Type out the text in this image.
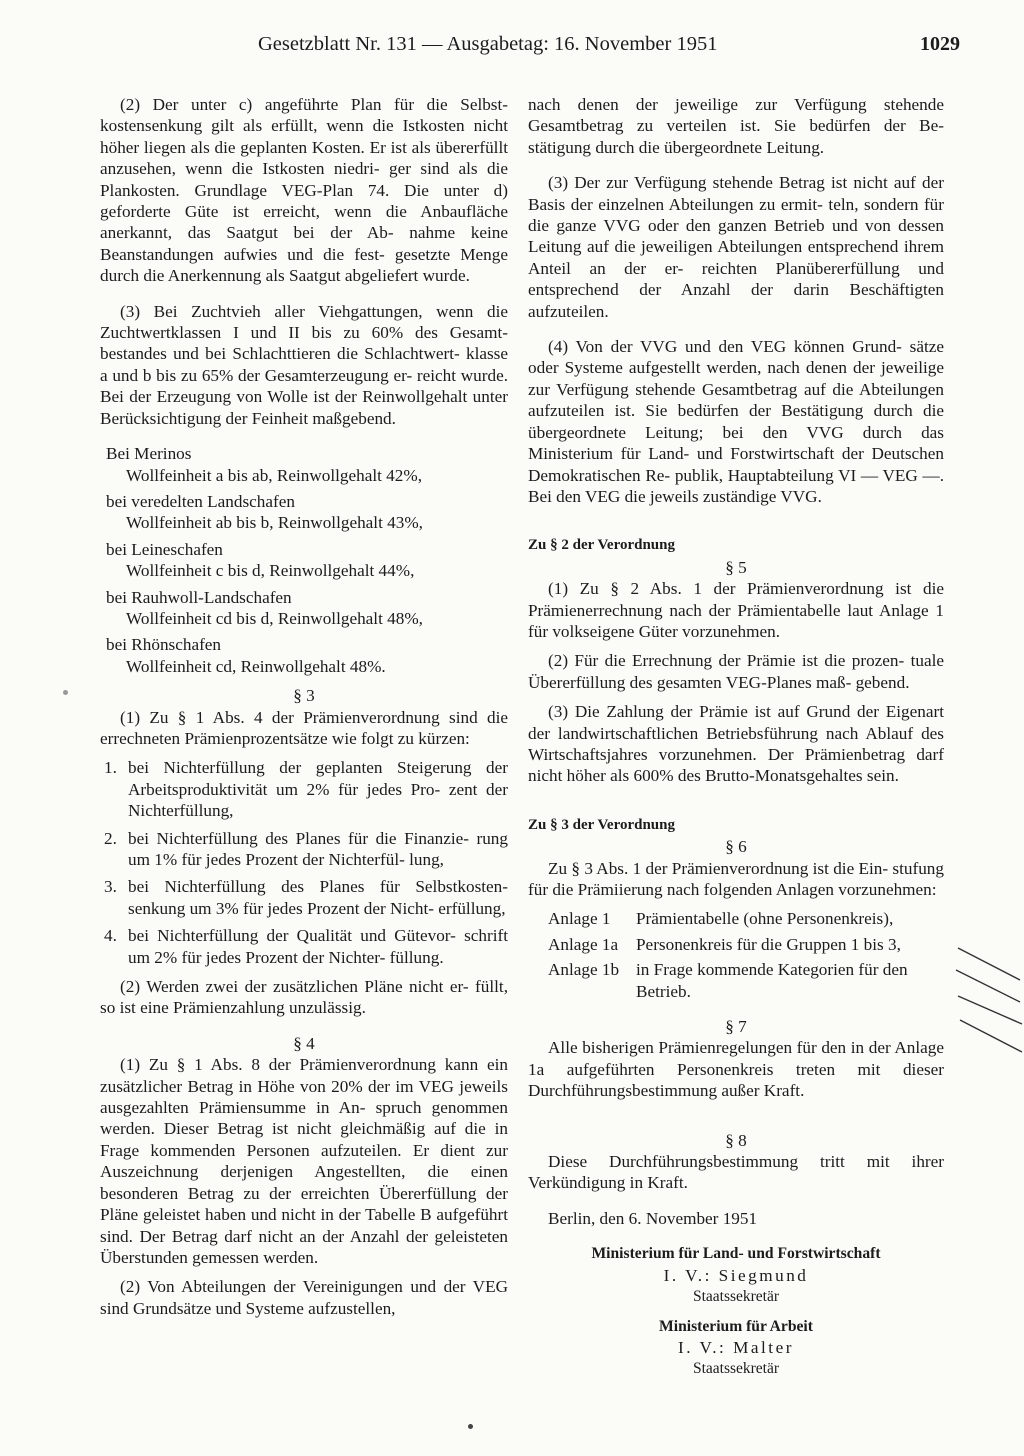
Gesetzblatt Nr. 131 — Ausgabetag: 16. November 1951	1029

(2) Der unter c) angeführte Plan für die Selbst- kostensenkung gilt als erfüllt, wenn die Istkosten nicht höher liegen als die geplanten Kosten. Er ist als übererfüllt anzusehen, wenn die Istkosten niedri- ger sind als die Plankosten. Grundlage VEG-Plan 74. Die unter d) geforderte Güte ist erreicht, wenn die Anbaufläche anerkannt, das Saatgut bei der Ab- nahme keine Beanstandungen aufwies und die fest- gesetzte Menge durch die Anerkennung als Saatgut abgeliefert wurde.

(3) Bei Zuchtvieh aller Viehgattungen, wenn die Zuchtwertklassen I und II bis zu 60% des Gesamt- bestandes und bei Schlachttieren die Schlachtwert- klasse a und b bis zu 65% der Gesamterzeugung er- reicht wurde. Bei der Erzeugung von Wolle ist der Reinwollgehalt unter Berücksichtigung der Feinheit maßgebend.

Bei Merinos
Wollfeinheit a bis ab, Reinwollgehalt 42%,
bei veredelten Landschafen
Wollfeinheit ab bis b, Reinwollgehalt 43%,
bei Leineschafen
Wollfeinheit c bis d, Reinwollgehalt 44%,
bei Rauhwoll-Landschafen
Wollfeinheit cd bis d, Reinwollgehalt 48%,
bei Rhönschafen
Wollfeinheit cd, Reinwollgehalt 48%.

§ 3

(1) Zu § 1 Abs. 4 der Prämienverordnung sind die errechneten Prämienprozentsätze wie folgt zu kürzen:

1. bei Nichterfüllung der geplanten Steigerung der Arbeitsproduktivität um 2% für jedes Pro- zent der Nichterfüllung,
2. bei Nichterfüllung des Planes für die Finanzie- rung um 1% für jedes Prozent der Nichterfül- lung,
3. bei Nichterfüllung des Planes für Selbstkosten- senkung um 3% für jedes Prozent der Nicht- erfüllung,
4. bei Nichterfüllung der Qualität und Gütevor- schrift um 2% für jedes Prozent der Nichter- füllung.

(2) Werden zwei der zusätzlichen Pläne nicht er- füllt, so ist eine Prämienzahlung unzulässig.

§ 4

(1) Zu § 1 Abs. 8 der Prämienverordnung kann ein zusätzlicher Betrag in Höhe von 20% der im VEG jeweils ausgezahlten Prämiensumme in An- spruch genommen werden. Dieser Betrag ist nicht gleichmäßig auf die in Frage kommenden Personen aufzuteilen. Er dient zur Auszeichnung derjenigen Angestellten, die einen besonderen Betrag zu der erreichten Übererfüllung der Pläne geleistet haben und nicht in der Tabelle B aufgeführt sind. Der Betrag darf nicht an der Anzahl der geleisteten Überstunden gemessen werden.

(2) Von Abteilungen der Vereinigungen und der VEG sind Grundsätze und Systeme aufzustellen,

nach denen der jeweilige zur Verfügung stehende Gesamtbetrag zu verteilen ist. Sie bedürfen der Be- stätigung durch die übergeordnete Leitung.

(3) Der zur Verfügung stehende Betrag ist nicht auf der Basis der einzelnen Abteilungen zu ermit- teln, sondern für die ganze VVG oder den ganzen Betrieb und von dessen Leitung auf die jeweiligen Abteilungen entsprechend ihrem Anteil an der er- reichten Planübererfüllung und entsprechend der Anzahl der darin Beschäftigten aufzuteilen.

(4) Von der VVG und den VEG können Grund- sätze oder Systeme aufgestellt werden, nach denen der jeweilige zur Verfügung stehende Gesamtbetrag auf die Abteilungen aufzuteilen ist. Sie bedürfen der Bestätigung durch die übergeordnete Leitung; bei den VVG durch das Ministerium für Land- und Forstwirtschaft der Deutschen Demokratischen Re- publik, Hauptabteilung VI — VEG —. Bei den VEG die jeweils zuständige VVG.

Zu § 2 der Verordnung

§ 5

(1) Zu § 2 Abs. 1 der Prämienverordnung ist die Prämienerrechnung nach der Prämientabelle laut Anlage 1 für volkseigene Güter vorzunehmen.

(2) Für die Errechnung der Prämie ist die prozen- tuale Übererfüllung des gesamten VEG-Planes maß- gebend.

(3) Die Zahlung der Prämie ist auf Grund der Eigenart der landwirtschaftlichen Betriebsführung nach Ablauf des Wirtschaftsjahres vorzunehmen. Der Prämienbetrag darf nicht höher als 600% des Brutto-Monatsgehaltes sein.

Zu § 3 der Verordnung

§ 6

Zu § 3 Abs. 1 der Prämienverordnung ist die Ein- stufung für die Prämiierung nach folgenden Anlagen vorzunehmen:

Anlage 1	Prämientabelle (ohne Personenkreis),
Anlage 1a	Personenkreis für die Gruppen 1 bis 3,
Anlage 1b in Frage kommende Kategorien für den Betrieb.

§ 7

Alle bisherigen Prämienregelungen für den in der Anlage 1a aufgeführten Personenkreis treten mit dieser Durchführungsbestimmung außer Kraft.

§ 8

Diese Durchführungsbestimmung tritt mit ihrer Verkündigung in Kraft.

Berlin, den 6. November 1951

Ministerium für Land- und Forstwirtschaft
I. V.: Siegmund
Staatssekretär
Ministerium für Arbeit
I. V.: Malter
Staatssekretär
